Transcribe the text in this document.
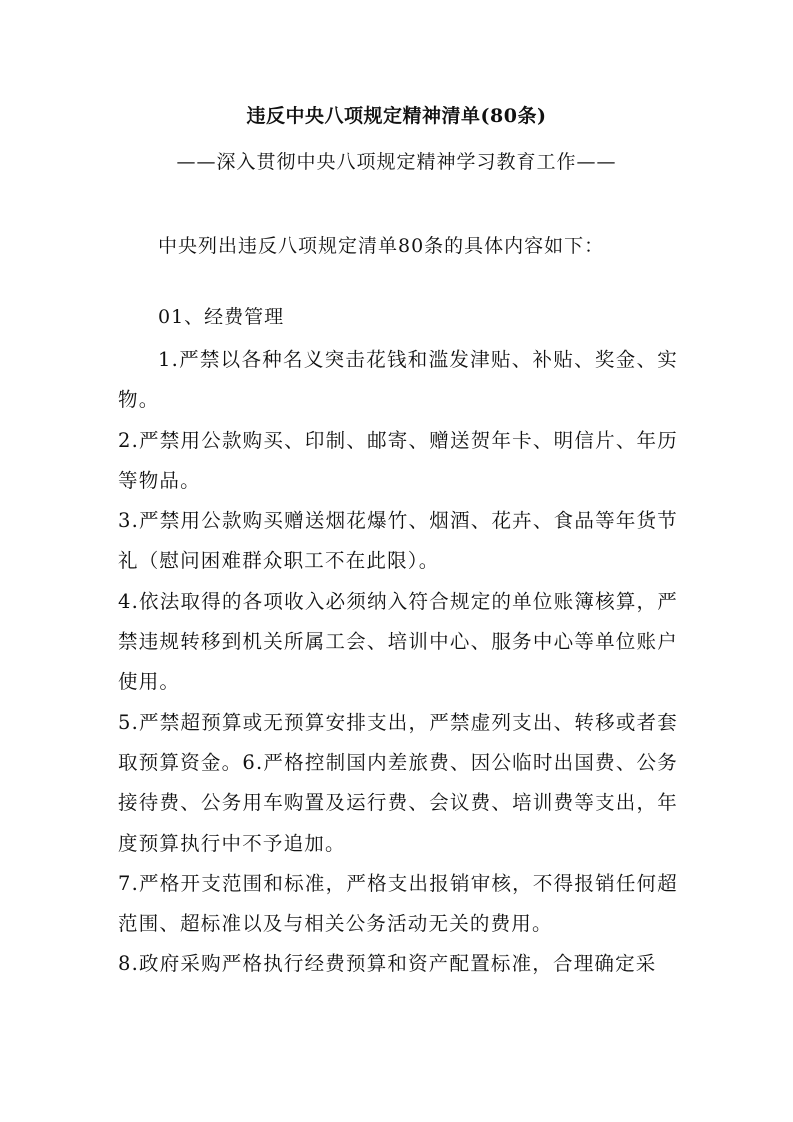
违反中央八项规定精神清单(80条)
——深入贯彻中央八项规定精神学习教育工作——
中央列出违反八项规定清单80条的具体内容如下：
01、经费管理

1.严禁以各种名义突击花钱和滥发津贴、补贴、奖金、实物。

2.严禁用公款购买、印制、邮寄、赠送贺年卡、明信片、年历等物品。

3.严禁用公款购买赠送烟花爆竹、烟酒、花卉、食品等年货节礼（慰问困难群众职工不在此限）。

4.依法取得的各项收入必须纳入符合规定的单位账簿核算，严禁违规转移到机关所属工会、培训中心、服务中心等单位账户使用。

5.严禁超预算或无预算安排支出，严禁虚列支出、转移或者套取预算资金。6.严格控制国内差旅费、因公临时出国费、公务接待费、公务用车购置及运行费、会议费、培训费等支出，年度预算执行中不予追加。

7.严格开支范围和标准，严格支出报销审核，不得报销任何超范围、超标准以及与相关公务活动无关的费用。

8.政府采购严格执行经费预算和资产配置标准，合理确定采
